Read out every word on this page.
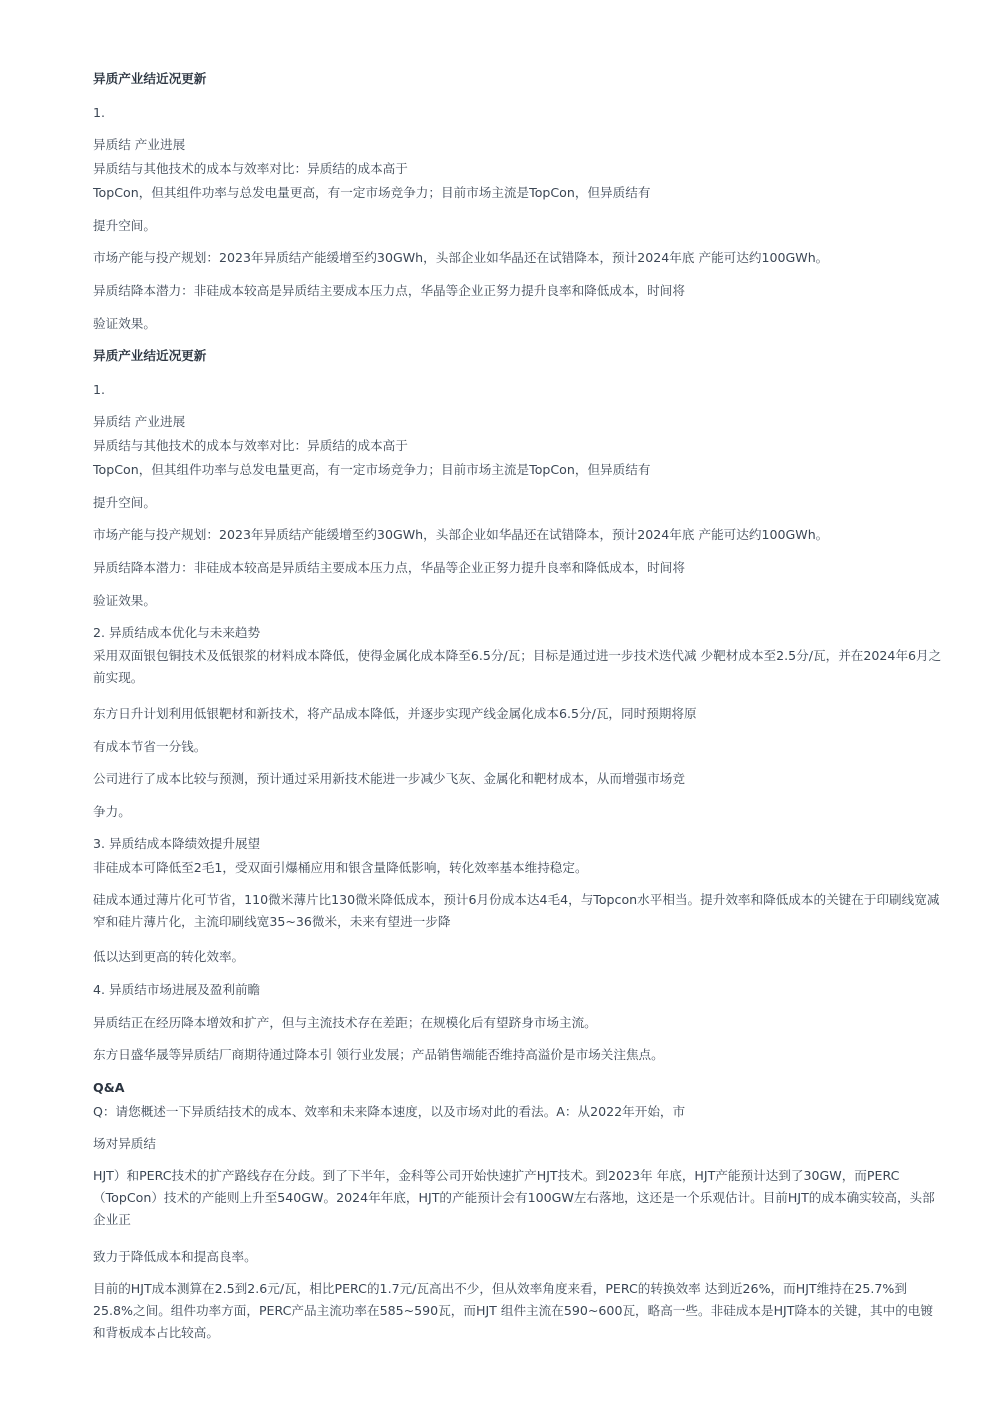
异质产业结近况更新
1.
异质结 产业进展
异质结与其他技术的成本与效率对比：异质结的成本高于
TopCon，但其组件功率与总发电量更高，有一定市场竞争力；目前市场主流是TopCon，但异质结有
提升空间。
市场产能与投产规划：2023年异质结产能缓增至约30GWh，头部企业如华晶还在试错降本，预计2024年底 产能可达约100GWh。
异质结降本潜力：非硅成本较高是异质结主要成本压力点，华晶等企业正努力提升良率和降低成本，时间将
验证效果。
异质产业结近况更新
1.
异质结 产业进展
异质结与其他技术的成本与效率对比：异质结的成本高于
TopCon，但其组件功率与总发电量更高，有一定市场竞争力；目前市场主流是TopCon，但异质结有
提升空间。
市场产能与投产规划：2023年异质结产能缓增至约30GWh，头部企业如华晶还在试错降本，预计2024年底 产能可达约100GWh。
异质结降本潜力：非硅成本较高是异质结主要成本压力点，华晶等企业正努力提升良率和降低成本，时间将
验证效果。
2. 异质结成本优化与未来趋势
采用双面银包铜技术及低银浆的材料成本降低，使得金属化成本降至6.5分/瓦；目标是通过进一步技术迭代减 少靶材成本至2.5分/瓦，并在2024年6月之前实现。
东方日升计划利用低银靶材和新技术，将产品成本降低，并逐步实现产线金属化成本6.5分/瓦，同时预期将原
有成本节省一分钱。
公司进行了成本比较与预测，预计通过采用新技术能进一步减少飞灰、金属化和靶材成本，从而增强市场竞
争力。
3. 异质结成本降绩效提升展望
非硅成本可降低至2毛1，受双面引爆桶应用和银含量降低影响，转化效率基本维持稳定。
硅成本通过薄片化可节省，110微米薄片比130微米降低成本，预计6月份成本达4毛4，与Topcon水平相当。提升效率和降低成本的关键在于印刷线宽减窄和硅片薄片化，主流印刷线宽35~36微米，未来有望进一步降
低以达到更高的转化效率。
4. 异质结市场进展及盈利前瞻
异质结正在经历降本增效和扩产，但与主流技术存在差距；在规模化后有望跻身市场主流。
东方日盛华晟等异质结厂商期待通过降本引 领行业发展；产品销售端能否维持高溢价是市场关注焦点。
Q&A
Q：请您概述一下异质结技术的成本、效率和未来降本速度，以及市场对此的看法。A：从2022年开始，市
场对异质结
HJT）和PERC技术的扩产路线存在分歧。到了下半年，金科等公司开始快速扩产HJT技术。到2023年 年底，HJT产能预计达到了30GW，而PERC（TopCon）技术的产能则上升至540GW。2024年年底，HJT的产能预计会有100GW左右落地，这还是一个乐观估计。目前HJT的成本确实较高，头部企业正
致力于降低成本和提高良率。
目前的HJT成本测算在2.5到2.6元/瓦，相比PERC的1.7元/瓦高出不少，但从效率角度来看，PERC的转换效率 达到近26%，而HJT维持在25.7%到25.8%之间。组件功率方面，PERC产品主流功率在585~590瓦，而HJT 组件主流在590~600瓦，略高一些。非硅成本是HJT降本的关键，其中的电镀和背板成本占比较高。
